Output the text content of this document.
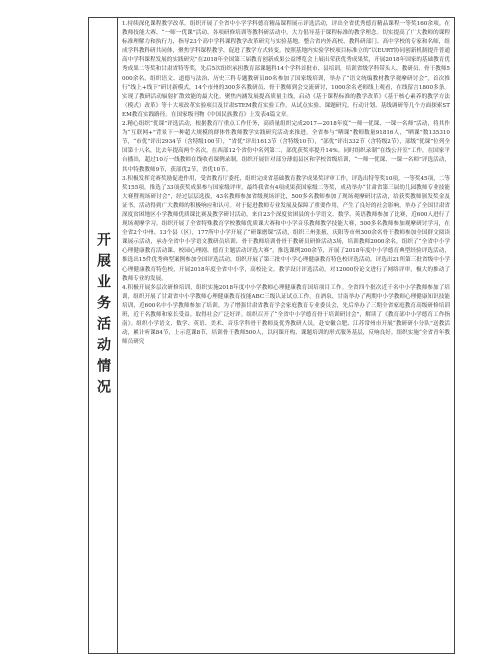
开展业务活动情况

1.持续深化课程教学改革。组织开展了全省中小学学科德育精品课程展示评选活动，评出全省优秀德育精品课程一等奖160余项。在教师技能大赛、“一师一优课”活动、各项研修培训等教科研活动中，大力倡导基于课程标准的教学理念。切实提高了广大教师的课程标准理解力和执行力，指导23个高中学科课程教学改革研究与实验基地，整合省内外高校、教科研部门、高中学校的专家和名师，组成学科教科研共同体，聚焦学科课程教学，促进了教学方式转变。按照基地内实验学校项目标准立的“以EURT协同创新机制提升普通高中学科课程发展的实践研究”在2018年全国第三届教育创新成果公益博览会上展出荣获优秀成果奖，开展2018年国家的基础教育优秀成果二等奖和甘肃省特等奖，先后5次组织承担教育部课题科14个学科首批市、县培训，培训省级学科带头人、教研员、骨干教师5000余名，组织语文、道德与法治、历史三科专题教研员80名参加了国家级培训，举办了“语文统编教材教学观摩研讨会”，首次推行“线上+线下”研讨新模式，14个市州的300多名教研员、骨干教师到会交流研讨，1000余名老师线上观看，在线留言1800多条。实现了教研活动辐射扩散效能的最大化。聚焦内涵发展提高质量主线，启动《基于课程标准的教学改革》《基于核心素养的教学方法（模式）改革》等十大项改革实验项目及甘肃STEM教育实验工作。从试点实验、课题研究、行动计划、基线调研等几个方面探索STEM教育实践路径。在国家级刊物《中国民族教育》上发表4篇文章。

2.精心组织“优课”评选活动，根据教育厅重点工作任务，高质量组织完成2017—2018年度“一师一优课、一课一名师”活动，将其作为“互联网+”背景下一种超大规模的群体性教师教学实践研究活动来推进。全省参与“晒课”教师数量91816人，“晒课”数135310节，“市优”评出2934节（含特级100节），“省优”评出1613节（含特级10节），“部优”评出332节（含特级2节），部级“优课”位列全国第十八名，比去年提高两个名次。在西部12个省份中名列第二，部优获奖率提升14%。同时组织录制“在线公开室”工作，在国家平台播出，超过10万一线教师在线收看课例录制，组织开展针对部分薄弱县区和学校省级培训，“一师一优课、一课一名师”评选活动，其中特教教师9节，获部优2节，省优10节。

3.积极发挥竞赛奖励促进作用，受省教育厅委托，组织完成省基础教育教学成果奖评审工作，评选出特等奖10项，一等奖45项，二等奖155项，推选了33项获奖成果参与国家级评审，最终我省有4项成果获国家级二等奖，成功举办“甘肃省第三届幼儿园教师专业技能大赛暨现场研讨会”，经过层层选拔，43名教师参加省级现场评比，500多名教师参加了现场观摩研讨活动，给获奖教师颁发奖金及证书，活动得到广大教师的积极响应和认可。对于促进教师专业发展及保障了重要作用，产生了良好的社会影响，举办了全国甘肃省深度贫困地区小学教师优质课比赛及教学研讨活动，来自23个深度贫困县的小学语文、数学、英语教师参加了比赛，近600人进行了现场观摩学习。组织开展了全省特殊教育学校教师优质课大赛和中小学音乐教师教学技能大赛，500多名教师参加观摩研讨学习，在全省2个中州、13个县（区），177所中小学开展了“研课磨课”活动，组织三州张掖、庆阳等市州300余名骨干教师参加全国群文阅读课展示活动，承办全省中小学语文教研员培训、骨干教师培训骨骨干教研员研修活动3场，培训教师2000余名，组织了“全省中小学心理健康教育活动课、校园心理剧、德育主题活动评选大赛”，推选课例200余节，开展了2018年度中小学德育典型经验评选活动，推选出15件优秀典型案例参加全国评选活动，组织开展了第三批中小学心理健康教育特色校评选活动，评选出21所第三批省级中小学心理健康教育特色校，开展2018年度全省中小学，高校论文、教学设计评选活动，对12000份论文进行了网络评审，极大的推动了教师专业的发展。

4.积极开展多层次研修培训，组织实施2018年度中小学教师心理健康教育国培项目工作。全省四个批次近千名中小学教师参加了培训，组织开展了甘肃省中小学教师心理健康教育技能ABC三级认证试点工作。在酒泉、甘南举办了两期中小学教师心理健康知识技能培训，近600名中小学教师参加了培训。为了增强甘肃省教育学会家庭教育专业委员会，先后举办了三期全省家庭教育高级研修培训班，近千名教师和家长受益。取得社会广泛好评。组织召开了“全省中小学德育骨干培训研讨会”，解读了《教育部中小学德育工作指南》。组织小学语文、数学、英语、美术、音乐学科骨干教师及优秀教研人员，赴安徽合肥、江苏常州市开展“教研研小分队”送教活动，累计听课84节，上示范课8节，培训骨干教师500人，以问课开构、课题培训的形式服务基层，反响良好。组织实施“全省青年教师员研究
